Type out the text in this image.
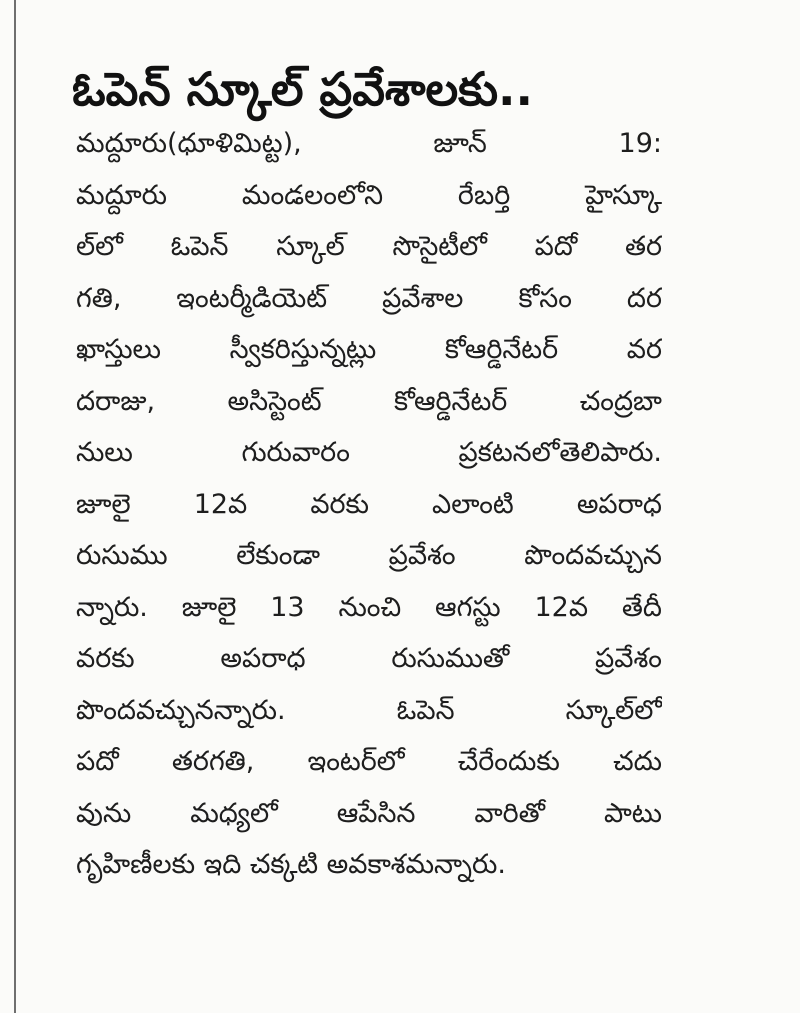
ఓపెన్‌ స్కూల్‌ ప్రవేశాలకు..
మద్దూరు(ధూళిమిట్ట), జూన్ 19:
మద్దూరు మండలంలోని రేబర్తి హైస్కూ
ల్‌లో ఓపెన్ స్కూల్ సొసైటీలో పదో తర
గతి, ఇంటర్మీడియెట్ ప్రవేశాల కోసం దర
ఖాస్తులు స్వీకరిస్తున్నట్లు కోఆర్డినేటర్ వర
దరాజు, అసిస్టెంట్ కోఆర్డినేటర్ చంద్రబా
నులు గురువారం ప్రకటనలోతెలిపారు.
జూలై 12వ వరకు ఎలాంటి అపరాధ
రుసుము లేకుండా ప్రవేశం పొందవచ్చున
న్నారు. జూలై 13 నుంచి ఆగస్టు 12వ తేదీ
వరకు అపరాధ రుసుముతో ప్రవేశం
పొందవచ్చునన్నారు. ఓపెన్ స్కూల్‌లో
పదో తరగతి, ఇంటర్‌లో చేరేందుకు చదు
వును మధ్యలో ఆపేసిన వారితో పాటు
గృహిణీలకు ఇది చక్కటి అవకాశమన్నారు.
